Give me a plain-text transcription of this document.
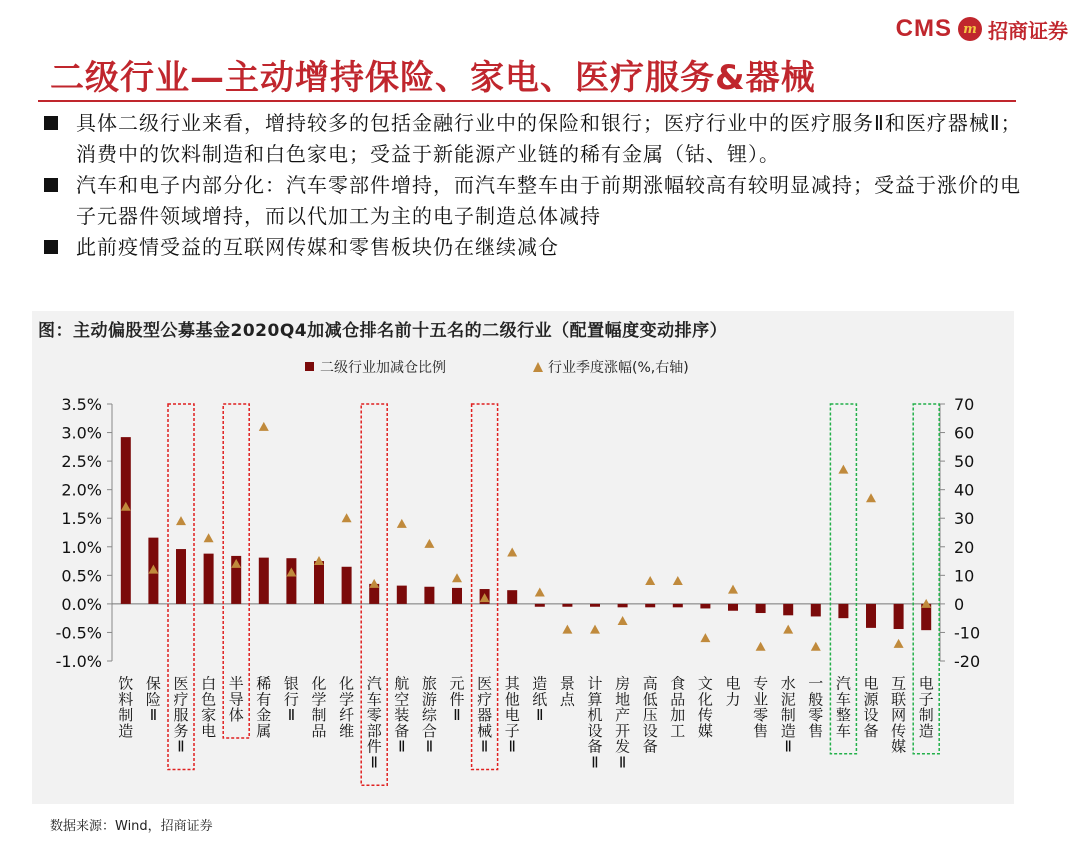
CMS m 招商证券
二级行业—主动增持保险、家电、医疗服务&器械
具体二级行业来看，增持较多的包括金融行业中的保险和银行；医疗行业中的医疗服务Ⅱ和医疗器械Ⅱ；消费中的饮料制造和白色家电；受益于新能源产业链的稀有金属（钴、锂）。
汽车和电子内部分化：汽车零部件增持，而汽车整车由于前期涨幅较高有较明显减持；受益于涨价的电子元器件领域增持，而以代加工为主的电子制造总体减持
此前疫情受益的互联网传媒和零售板块仍在继续减仓
图：主动偏股型公募基金2020Q4加减仓排名前十五名的二级行业（配置幅度变动排序）
二级行业加减仓比例	行业季度涨幅(%,右轴)
3.5%
3.0%
2.5%
2.0%
1.5%
1.0%
0.5%
0.0%
-0.5%
-1.0%
70
60
50
40
30
20
10
0
-10
-20
饮料制造
保险 Ⅱ
医疗服务 Ⅱ
白色家电
半导体
稀有金属
银行 Ⅱ
化学制品
化学纤维
汽车零部件 Ⅱ
航空装备 Ⅱ
旅游综合 Ⅱ
元件 Ⅱ
医疗器械 Ⅱ
其他电子 Ⅱ
造纸 Ⅱ
景点
计算机设备 Ⅱ
房地产开发 Ⅱ
高低压设备
食品加工
文化传媒
电力
专业零售
水泥制造 Ⅱ
一般零售
汽车整车
电源设备
互联网传媒
电子制造
数据来源：Wind，招商证券
